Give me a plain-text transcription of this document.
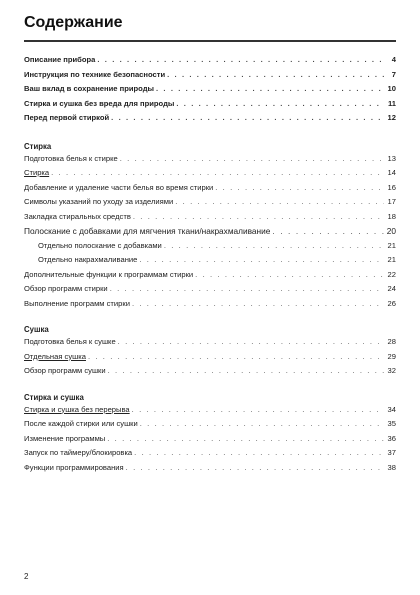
Содержание
Описание прибора . . .	4
Инструкция по технике безопасности . . .	7
Ваш вклад в сохранение природы . . .	10
Стирка и сушка без вреда для природы . . .	11
Перед первой стиркой . . .	12
Стирка
Подготовка белья к стирке . . .	13
Стирка . . .	14
Добавление и удаление части белья во время стирки . . .	16
Символы указаний по уходу за изделиями . . .	17
Закладка стиральных средств . . .	18
Полоскание с добавками для мягчения ткани/накрахмаливание . . .	20
Отдельно полоскание с добавками . . .	21
Отдельно накрахмаливание . . .	21
Дополнительные функции к программам стирки . . .	22
Обзор программ стирки . . .	24
Выполнение программ стирки . . .	26
Сушка
Подготовка белья к сушке . . .	28
Отдельная сушка . . .	29
Обзор программ сушки . . .	32
Стирка и сушка
Стирка и сушка без перерыва . . .	34
После каждой стирки или сушки . . .	35
Изменение программы . . .	36
Запуск по таймеру/блокировка . . .	37
Функции программирования . . .	38
2
